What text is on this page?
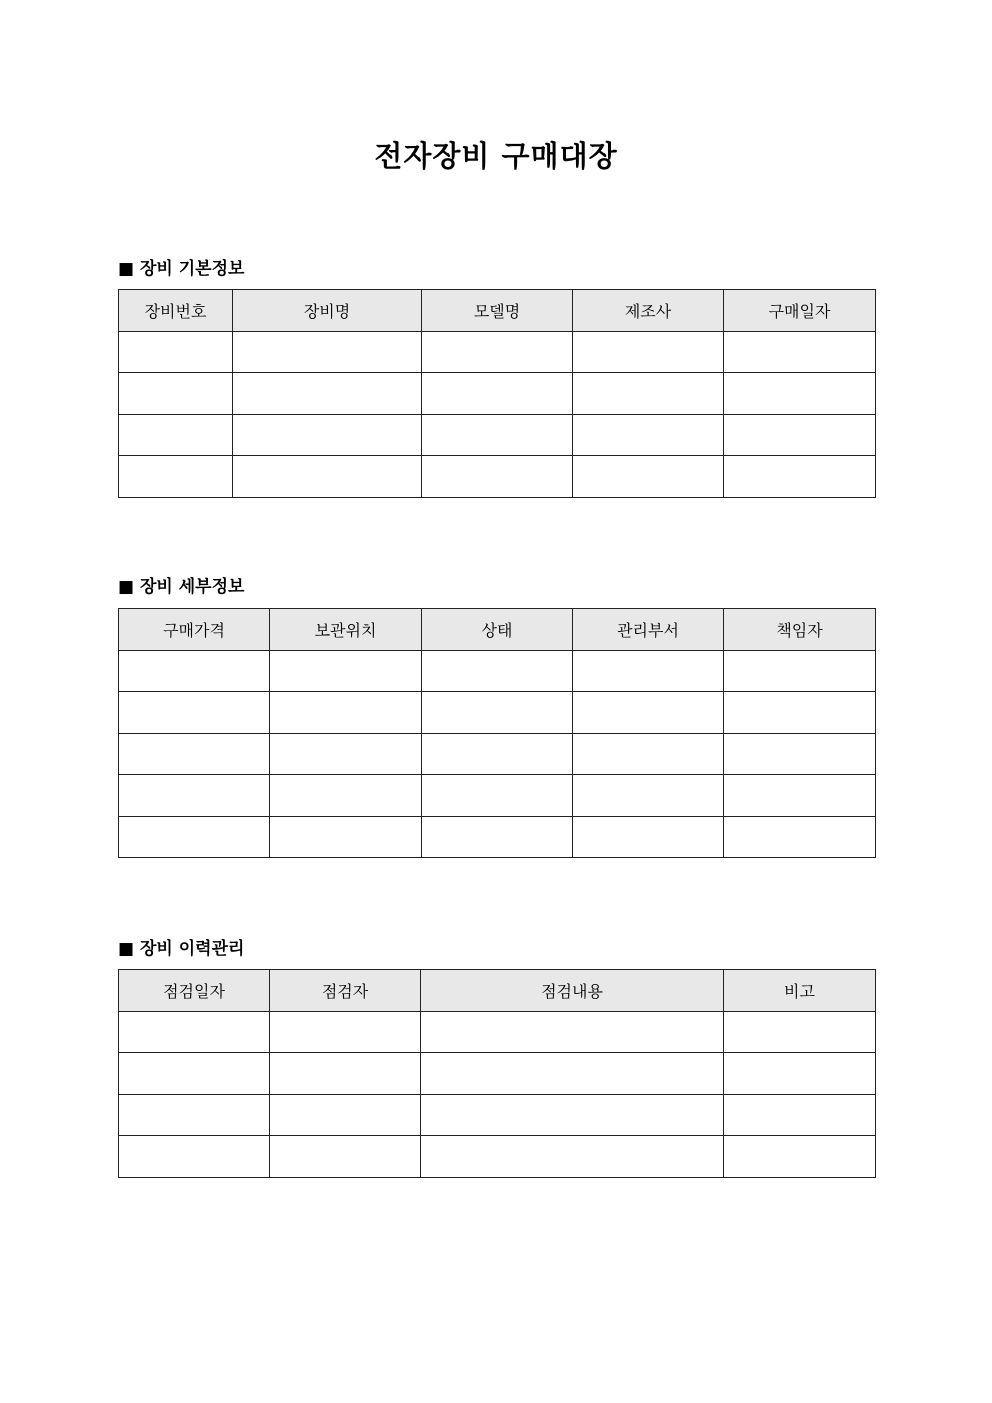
전자장비 구매대장
■ 장비 기본정보
장비번호	장비명	모델명	제조사	구매일자

■ 장비 세부정보
구매가격	보관위치	상태	관리부서	책임자

■ 장비 이력관리
점검일자	점검자	점검내용	비고
